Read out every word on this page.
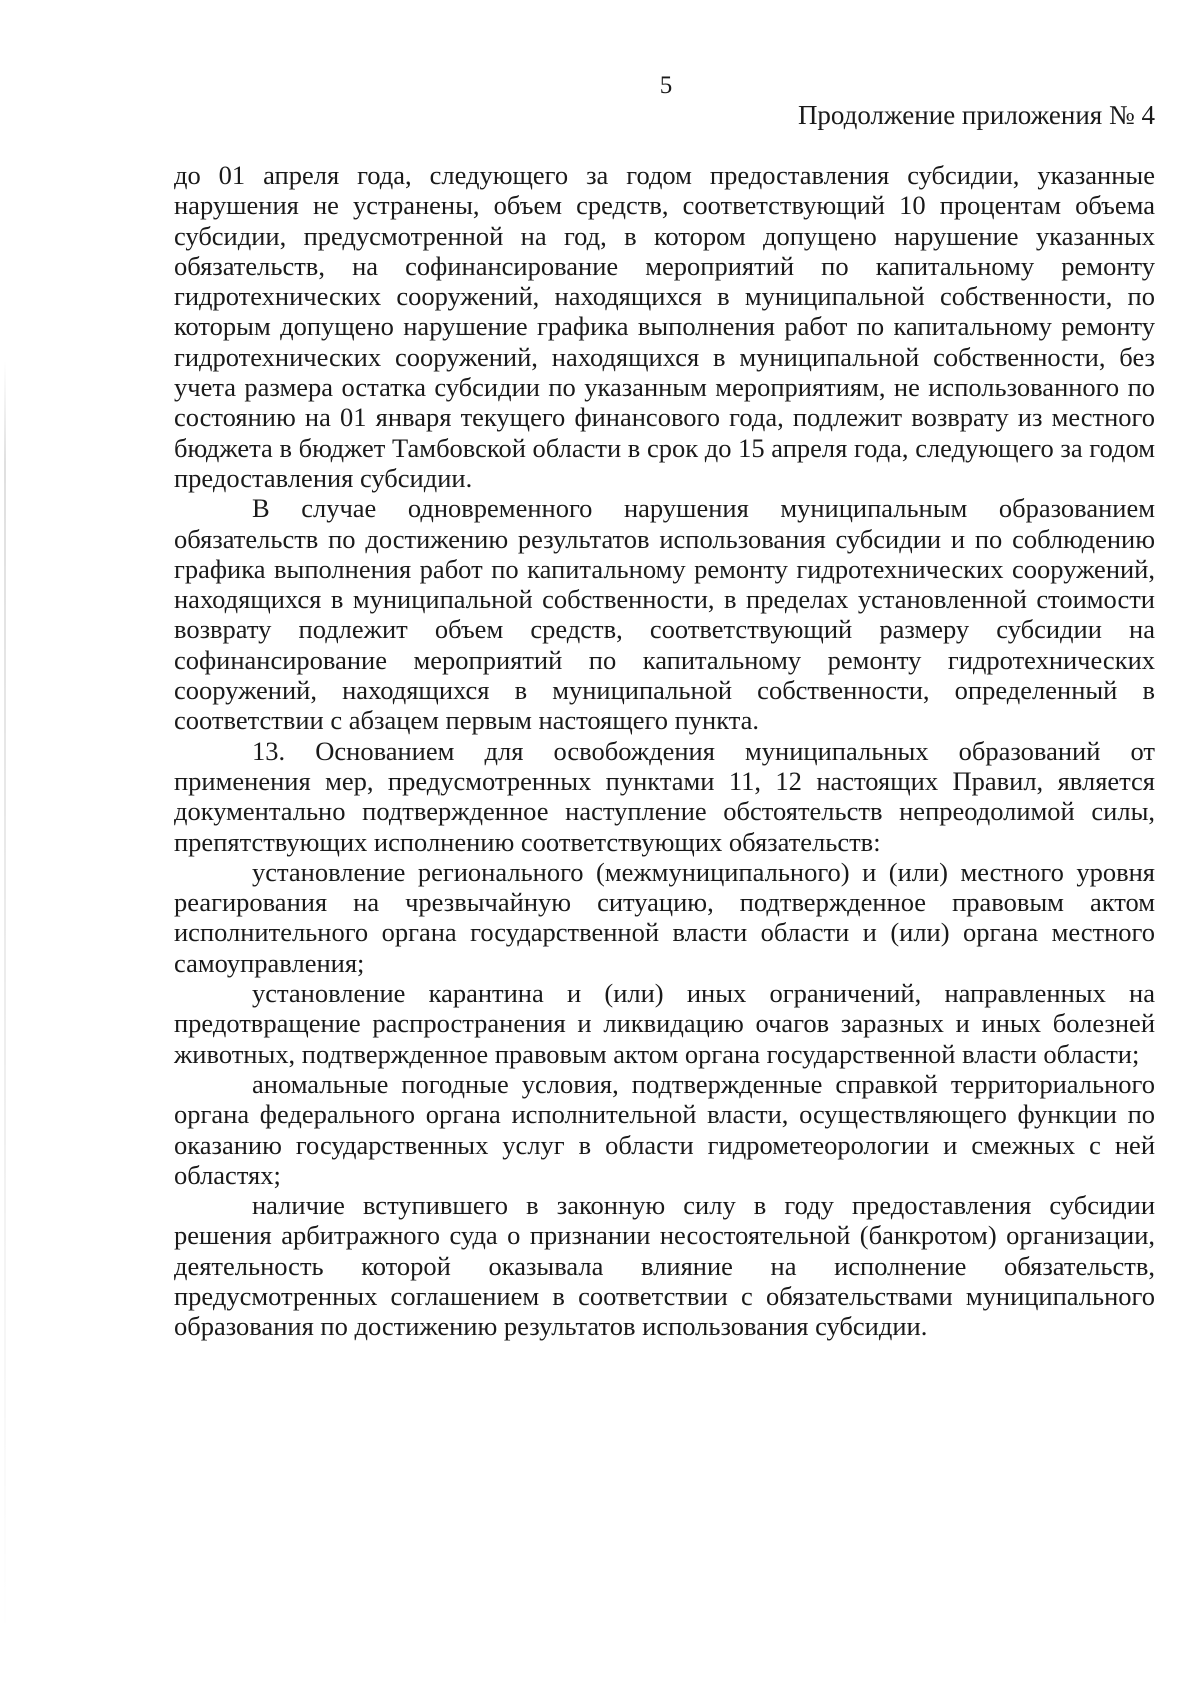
5
Продолжение приложения № 4

до 01 апреля года, следующего за годом предоставления субсидии, указанные нарушения не устранены, объем средств, соответствующий 10 процентам объема субсидии, предусмотренной на год, в котором допущено нарушение указанных обязательств, на софинансирование мероприятий по капитальному ремонту гидротехнических сооружений, находящихся в муниципальной собственности, по которым допущено нарушение графика выполнения работ по капитальному ремонту гидротехнических сооружений, находящихся в муниципальной собственности, без учета размера остатка субсидии по указанным мероприятиям, не использованного по состоянию на 01 января текущего финансового года, подлежит возврату из местного бюджета в бюджет Тамбовской области в срок до 15 апреля года, следующего за годом предоставления субсидии.

В случае одновременного нарушения муниципальным образованием обязательств по достижению результатов использования субсидии и по соблюдению графика выполнения работ по капитальному ремонту гидротехнических сооружений, находящихся в муниципальной собственности, в пределах установленной стоимости возврату подлежит объем средств, соответствующий размеру субсидии на софинансирование мероприятий по капитальному ремонту гидротехнических сооружений, находящихся в муниципальной собственности, определенный в соответствии с абзацем первым настоящего пункта.

13. Основанием для освобождения муниципальных образований от применения мер, предусмотренных пунктами 11, 12 настоящих Правил, является документально подтвержденное наступление обстоятельств непреодолимой силы, препятствующих исполнению соответствующих обязательств:

установление регионального (межмуниципального) и (или) местного уровня реагирования на чрезвычайную ситуацию, подтвержденное правовым актом исполнительного органа государственной власти области и (или) органа местного самоуправления;

установление карантина и (или) иных ограничений, направленных на предотвращение распространения и ликвидацию очагов заразных и иных болезней животных, подтвержденное правовым актом органа государственной власти области;

аномальные погодные условия, подтвержденные справкой территориального органа федерального органа исполнительной власти, осуществляющего функции по оказанию государственных услуг в области гидрометеорологии и смежных с ней областях;

наличие вступившего в законную силу в году предоставления субсидии решения арбитражного суда о признании несостоятельной (банкротом) организации, деятельность которой оказывала влияние на исполнение обязательств, предусмотренных соглашением в соответствии с обязательствами муниципального образования по достижению результатов использования субсидии.
